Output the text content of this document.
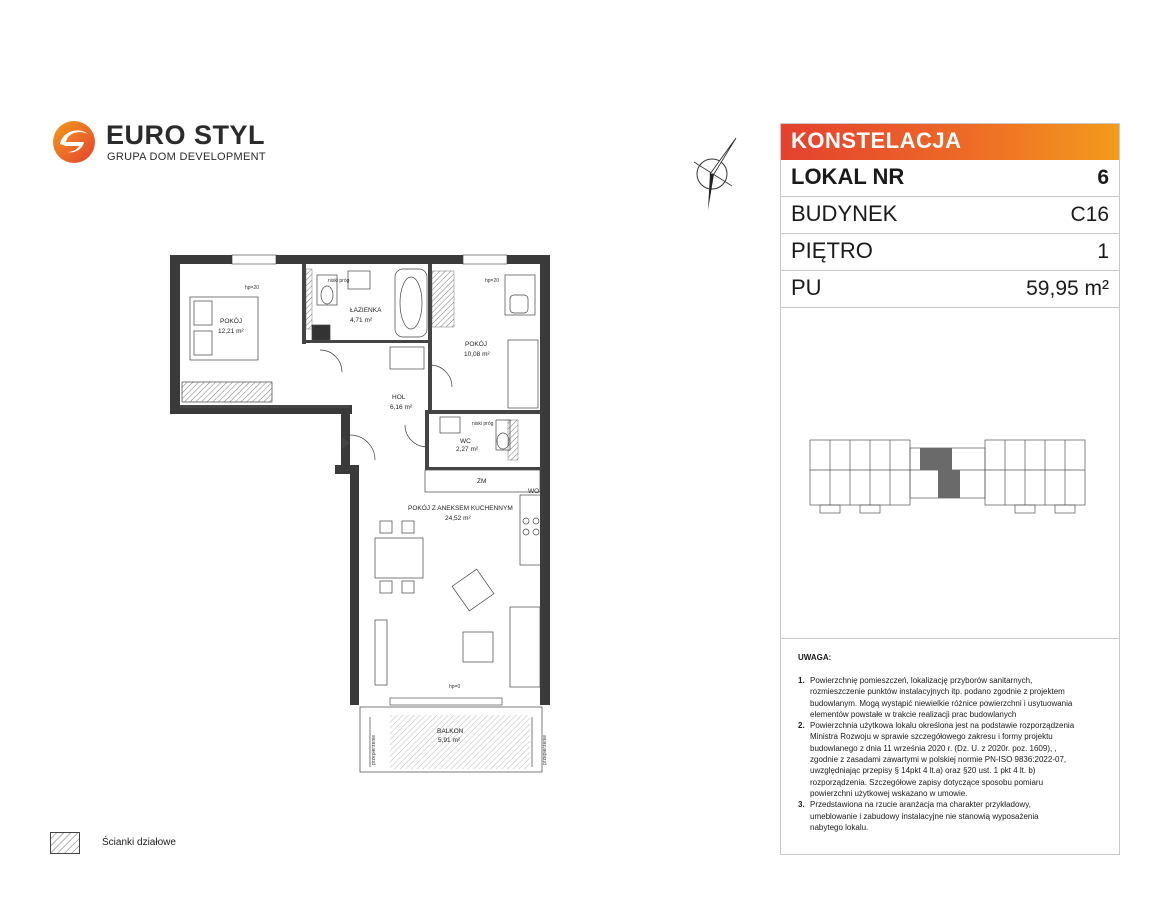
EURO STYL
GRUPA DOM DEVELOPMENT
POKÓJ
12,21 m²
ŁAZIENKA
4,71 m²
POKÓJ
10,08 m²
HOL
6,16 m²
WC
2,27 m²
POKÓJ Z ANEKSEM KUCHENNYM
24,52 m²
BALKON
5,91 m²
hp=20
hp=20
hp=0
ZM
WO
niski próg
niski próg
przepierzenie	przepierzenie
KONSTELACJA
LOKAL NR	6
BUDYNEK	C16
PIĘTRO	1
PU	59,95 m²
UWAGA:
1. Powierzchnię pomieszczeń, lokalizację przyborów sanitarnych,
rozmieszczenie punktów instalacyjnych itp. podano zgodnie z projektem
budowlanym. Mogą wystąpić niewielkie różnice powierzchni i usytuowania
elementów powstałe w trakcie realizacji prac budowlanych
2. Powierzchnia użytkowa lokalu określona jest na podstawie rozporządzenia
Ministra Rozwoju w sprawie szczegółowego zakresu i formy projektu
budowlanego z dnia 11 września 2020 r. (Dz. U. z 2020r. poz. 1609), ,
zgodnie z zasadami zawartymi w polskiej normie PN-ISO 9836:2022-07,
uwzględniając przepisy § 14pkt 4 lt.a) oraz §20 ust. 1 pkt 4 lt. b)
rozporządzenia. Szczegółowe zapisy dotyczące sposobu pomiaru
powierzchni użytkowej wskazano w umowie.
3. Przedstawiona na rzucie aranżacja ma charakter przykładowy,
umeblowanie i zabudowy instalacyjne nie stanowią wyposażenia
nabytego lokalu.
Ścianki działowe
